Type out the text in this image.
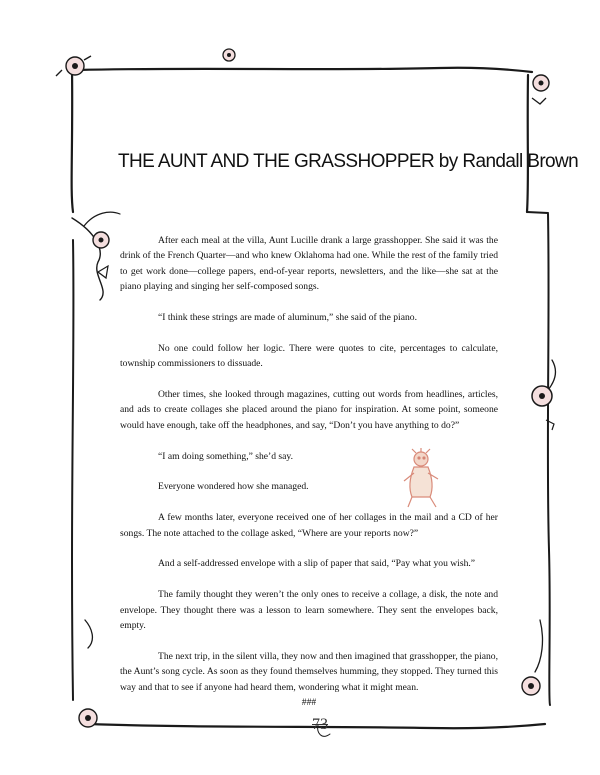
THE AUNT AND THE GRASSHOPPER by Randall Brown

After each meal at the villa, Aunt Lucille drank a large grasshopper. She said it was the drink of the French Quarter—and who knew Oklahoma had one. While the rest of the family tried to get work done—college papers, end-of-year reports, newsletters, and the like—she sat at the piano playing and singing her self-composed songs.

“I think these strings are made of aluminum,” she said of the piano.

No one could follow her logic. There were quotes to cite, percentages to calculate, township commissioners to dissuade.

Other times, she looked through magazines, cutting out words from headlines, articles, and ads to create collages she placed around the piano for inspiration. At some point, someone would have enough, take off the headphones, and say, “Don’t you have anything to do?”

“I am doing something,” she’d say.

Everyone wondered how she managed.

A few months later, everyone received one of her collages in the mail and a CD of her songs. The note attached to the collage asked, “Where are your reports now?”

And a self-addressed envelope with a slip of paper that said, “Pay what you wish.”

The family thought they weren’t the only ones to receive a collage, a disk, the note and envelope. They thought there was a lesson to learn somewhere. They sent the envelopes back, empty.

The next trip, in the silent villa, they now and then imagined that grasshopper, the piano, the Aunt’s song cycle. As soon as they found themselves humming, they stopped. They turned this way and that to see if anyone had heard them, wondering what it might mean.

###

73
